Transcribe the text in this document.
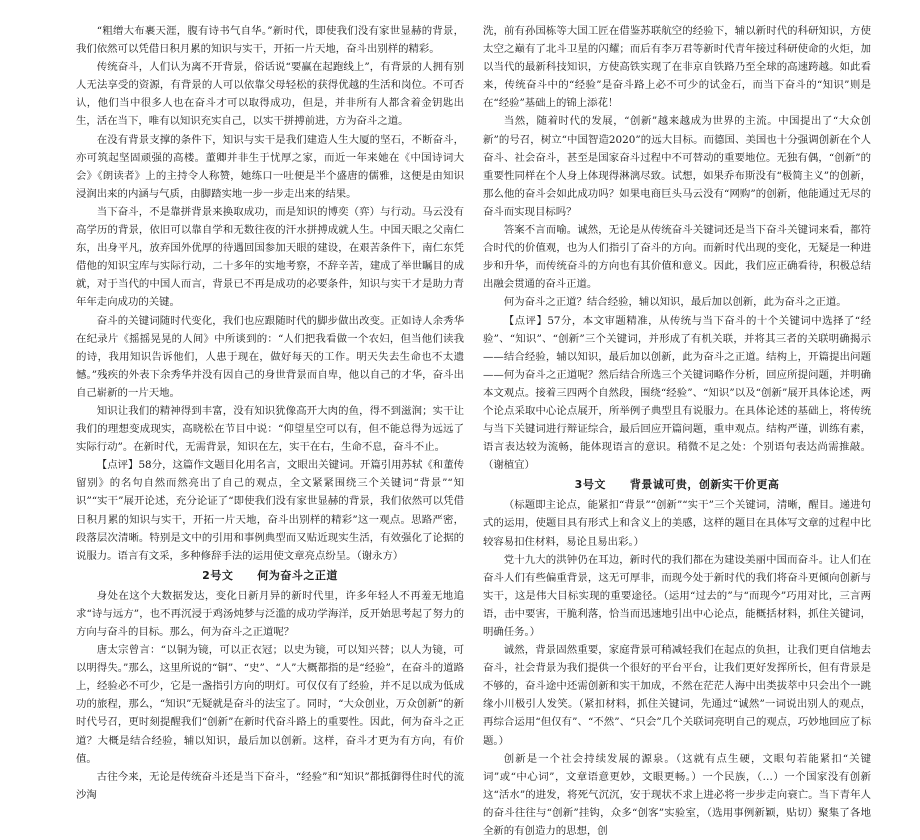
“粗缯大布裹天涯，腹有诗书气自华。”新时代，即使我们没有家世显赫的背景，我们依然可以凭借日积月累的知识与实干，开拓一片天地，奋斗出别样的精彩。

传统奋斗，人们认为离不开背景，俗话说“要赢在起跑线上”，有背景的人拥有别人无法享受的资源，有背景的人可以依靠父母轻松的获得优越的生活和岗位。不可否认，他们当中很多人也在奋斗才可以取得成功，但是，并非所有人都含着金钥匙出生，活在当下，唯有以知识充实自己，以实干拼搏前进，方为奋斗之道。

在没有背景支撑的条件下，知识与实干是我们建造人生大厦的坚石，不断奋斗，亦可筑起坚固顽强的高楼。董卿并非生于忧厚之家，而近一年来她在《中国诗词大会》《朗读者》上的主持令人称赞，她练口一吐便是半个盛唐的儒雅，这便是由知识浸润出来的内涵与气质，由脚踏实地一步一步走出来的结果。

当下奋斗，不是靠拼背景来换取成功，而是知识的博奕（弈）与行动。马云没有高学历的背景，依旧可以靠自学和无数往夜的汗水拼搏成就人生。中国天眼之父南仁东，出身平凡，放弃国外优厚的待遇回国参加天眼的建设，在艰苦条件下，南仁东凭借他的知识宝库与实际行动，二十多年的实地考察，不辞辛苦，建成了举世瞩目的成就，对于当代的中国人而言，背景已不再是成功的必要条件，知识与实干才是助力青年年走向成功的关键。

奋斗的关键词随时代变化，我们也应跟随时代的脚步做出改变。正如诗人余秀华在纪录片《摇摇晃晃的人间》中所谈到的：“人们把我看做一个农妇，但当他们读我的诗，我用知识告诉他们，人患于现在，做好每天的工作。明天失去生命也不太遗憾。”残疾的外表下余秀华并没有因自己的身世背景而自卑，他以自己的才华，奋斗出自己崭新的一片天地。

知识让我们的精神得到丰富，没有知识犹像高开大肉的鱼，得不到滋润；实干让我们的理想变成现实，高晓松在节目中说：“仰望星空可以有，但不能总得为远远了实际行动”。在新时代，无需背景，知识在左，实干在右，生命不息，奋斗不止。

【点评】58分，这篇作文题目化用名言，文眼出关键词。开篇引用苏轼《和董传留别》的名句自然而然亮出了自己的观点，全文紧紧围绕三个关键词“背景”“知识”“实干”展开论述，充分论证了“即使我们没有家世显赫的背景，我们依然可以凭借日积月累的知识与实干，开拓一片天地，奋斗出别样的精彩”这一观点。思路严密，段落层次清晰。特别是文中的引用和事例典型而又贴近现实生活，有效强化了论据的说服力。语言有文采，多种修辞手法的运用使文章亮点纷呈。（谢永方）

2号文 何为奋斗之正道

身处在这个大数据发达，变化日新月异的新时代里，许多年轻人不再羞无地追求“诗与远方”，也不再沉浸于鸡汤炖梦与泛滥的成功学海洋，反开始思考起了努力的方向与奋斗的目标。那么，何为奋斗之正道呢？

唐太宗曾言：“以铜为镜，可以正衣冠；以史为镜，可以知兴替；以人为镜，可以明得失。”那么，这里所说的“铜”、“史”、“人”大概都指的是“经验”，在奋斗的道路上，经验必不可少，它是一盏指引方向的明灯。可仅仅有了经验，并不足以成为低成功的旅程，那么，“知识”无疑就是奋斗的法宝了。同时，“大众创业，万众创新”的新时代号召，更时刻提醒我们“创新”在新时代奋斗路上的重要性。因此，何为奋斗之正道？大概是结合经验，辅以知识，最后加以创新。这样，奋斗才更为有方向，有价值。

古往今来，无论是传统奋斗还是当下奋斗，“经验”和“知识”都抵御得住时代的流沙淘

洗，前有孙国栋等大国工匠在借鉴苏联航空的经验下，辅以新时代的科研知识，方使太空之巅有了北斗卫星的闪耀；而后有李万君等新时代青年接过科研使命的火炬，加以当代的最新科技知识，方使高铁实现了在非京自铁路乃至全球的高速跨越。如此看来，传统奋斗中的“经验”是奋斗路上必不可少的试金石，而当下奋斗的“知识”则是在“经验”基础上的锦上添花！

当然，随着时代的发展，“创新”越来越成为世界的主流。中国提出了“大众创新”的号召，树立“中国智造2020”的远大目标。而德国、美国也十分强调创新在个人奋斗、社会奋斗，甚至是国家奋斗过程中不可替动的重要地位。无独有偶，“创新”的重要性同样在个人身上体现得淋漓尽致。试想，如果乔布斯没有“极简主义”的创新，那么他的奋斗会如此成功吗？如果电商巨头马云没有“网购”的创新，他能通过无尽的奋斗而实现目标吗？

答案不言而喻。诚然，无论是从传统奋斗关键词还是当下奋斗关键词来看，都符合时代的价值观，也为人们指引了奋斗的方向。而新时代出现的变化，无疑是一种进步和升华，而传统奋斗的方向也有其价值和意义。因此，我们应正确看待，积极总结出融会贯通的奋斗正道。

何为奋斗之正道？结合经验，辅以知识，最后加以创新，此为奋斗之正道。

【点评】57分，本文审题精准，从传统与当下奋斗的十个关键词中选择了“经验”、“知识”、“创新”三个关键词，并形成了有机关联，并将其三者的关联明确揭示——结合经验，辅以知识，最后加以创新，此为奋斗之正道。结构上，开篇提出问题——何为奋斗之正道呢？然后结合所选三个关键词略作分析，回应所提问题，并明确本文观点。接着三四两个自然段，围绕“经验”、“知识”以及“创新”展开具体论述，两个论点采取中心论点展开，所举例子典型且有说服力。在具体论述的基础上，将传统与当下关键词进行辩证综合，最后回应开篇问题，重申观点。结构严谨，训练有素，语言表达较为流畅，能体现语言的意识。稍微不足之处：个别语句表达尚需推敲。（谢植宜）

3号文 背景诚可贵，创新实干价更高

（标题即主论点，能紧扣“背景”“创新”“实干”三个关键词，清晰，醒目。递进句式的运用，使题目具有形式上和含义上的美感，这样的题目在具体写文章的过程中比较容易扣住材料，易论且易出彩。）

党十九大的洪钟仍在耳边，新时代的我们都在为建设美丽中国而奋斗。让人们在奋斗人们有些偏重背景，这无可厚非，而现今处于新时代的我们将奋斗更倾向创新与实干，这是伟大目标实现的重要途径。（运用“过去的”与“而现今”巧用对比，三言两语，击中要害，干脆利落，恰当而迅速地引出中心论点，能概括材料，抓住关键词，明确任务。）

诚然，背景固然重要，家庭背景可稍减轻我们在起点的负担，让我们更自信地去奋斗，社会背景为我们提供一个很好的平台平台，让我们更好发挥所长，但有背景是不够的，奋斗途中还需创新和实干加成，不然在茫茫人海中出类拔萃中只会出个一跳缘小川极引人发笑。（紧扣材料，抓住关键词，先通过“诚然”一词说出别人的观点，再综合运用“但仅有”、“不然”、“只会”几个关联词亮明自己的观点，巧妙地回应了标题。）

创新是一个社会持续发展的源泉。（这就有点生硬，文眼句若能紧扣“关键词”或“中心词”，文章语意更妙，文眼更畅。）一个民族，（…）一个国家没有创新这“活水”的进发，将死气沉沉，安于现状不求上进必将一步步走向衰亡。当下青年人的奋斗往往与“创新”挂钩，众多“创客”实验室，（选用事例新颖，贴切）聚集了各地全新的有创造力的思想，创
